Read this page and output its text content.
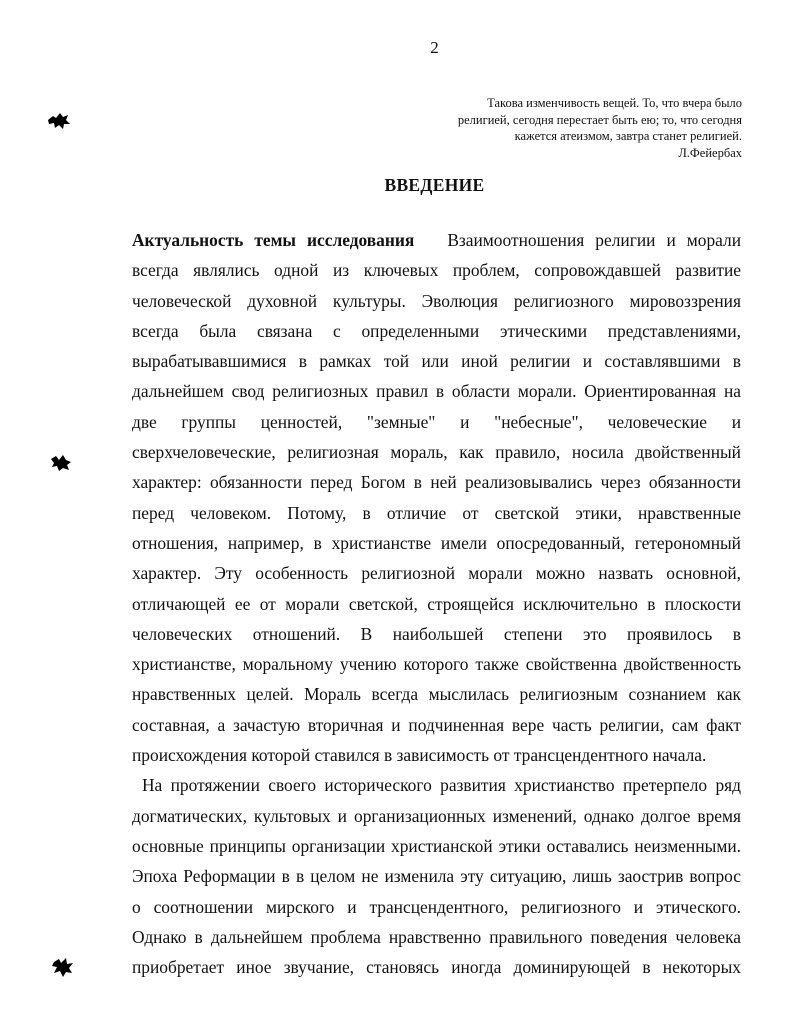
2
Такова изменчивость вещей. То, что вчера было
религией, сегодня перестает быть ею; то, что сегодня
кажется атеизмом, завтра станет религией.
Л.Фейербах
ВВЕДЕНИЕ
Актуальность темы исследования Взаимоотношения религии и морали
всегда являлись одной из ключевых проблем, сопровождавшей развитие
человеческой духовной культуры. Эволюция религиозного мировоззрения
всегда была связана с определенными этическими представлениями,
вырабатывавшимися в рамках той или иной религии и составлявшими в
дальнейшем свод религиозных правил в области морали. Ориентированная на
две группы ценностей, "земные" и "небесные", человеческие и
сверхчеловеческие, религиозная мораль, как правило, носила двойственный
характер: обязанности перед Богом в ней реализовывались через обязанности
перед человеком. Потому, в отличие от светской этики, нравственные
отношения, например, в христианстве имели опосредованный, гетерономный
характер. Эту особенность религиозной морали можно назвать основной,
отличающей ее от морали светской, строящейся исключительно в плоскости
человеческих отношений. В наибольшей степени это проявилось в
христианстве, моральному учению которого также свойственна двойственность
нравственных целей. Мораль всегда мыслилась религиозным сознанием как
составная, а зачастую вторичная и подчиненная вере часть религии, сам факт
происхождения которой ставился в зависимость от трансцендентного начала.
На протяжении своего исторического развития христианство претерпело ряд
догматических, культовых и организационных изменений, однако долгое время
основные принципы организации христианской этики оставались неизменными.
Эпоха Реформации в в целом не изменила эту ситуацию, лишь заострив вопрос
о соотношении мирского и трансцендентного, религиозного и этического.
Однако в дальнейшем проблема нравственно правильного поведения человека
приобретает иное звучание, становясь иногда доминирующей в некоторых
